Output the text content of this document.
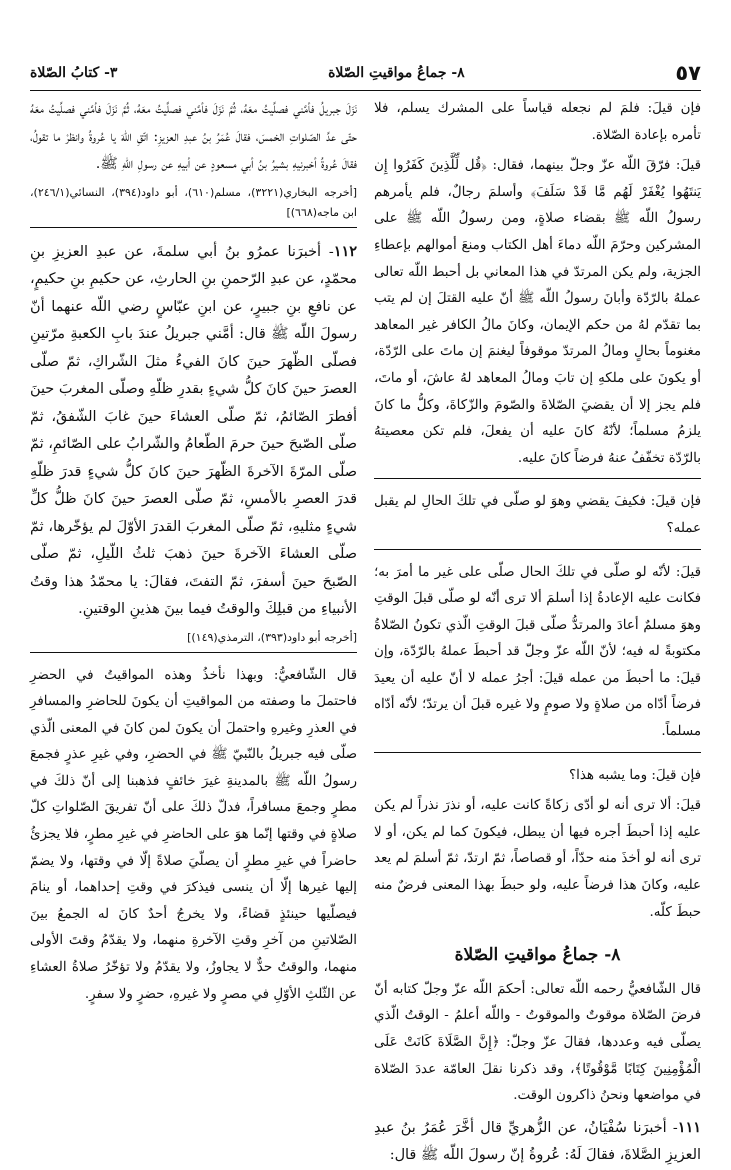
٥٧
٨- جماعُ مواقيتِ الصّلاة
٣- كتابُ الصّلاة

فإن قيلَ: فلمَ لم نجعله قياساً على المشرك يسلم، فلا تأمره بإعادة الصّلاة.

قيلَ: فرّقَ اللّه عزّ وجلّ بينهما، فقال: ﴿قُل لِّلَّذِينَ كَفَرُوا إِن يَنتَهُوا يُغْفَرْ لَهُم مَّا قَدْ سَلَفَ﴾ وأسلمَ رجالٌ، فلم يأمرهم رسولُ اللّه ﷺ بقضاء صلاةٍ، ومن رسولُ اللّه ﷺ على المشركين وحرّمَ اللّه دماءَ أهل الكتاب ومنعَ أموالهم بإعطاءِ الجزية، ولم يكن المرتدّ في هذا المعاني بل أحبط اللّه تعالى عملهُ بالرّدّة وأبانَ رسولُ اللّه ﷺ أنّ عليه القتلَ إن لم يتب بما تقدّم لهُ من حكم الإيمان، وكانَ مالُ الكافر غير المعاهد مغنوماً بحالٍ ومالُ المرتدّ موقوفاً ليغنمَ إن ماتَ على الرّدّة، أو يكونَ على ملكهِ إن تابَ ومالُ المعاهد لهُ عاشَ، أو ماتَ، فلم يجز إلا أن يقضيَ الصّلاةَ والصّومَ والزّكاةَ، وكلُّ ما كانَ يلزمُ مسلماً؛ لأنّهُ كانَ عليه أن يفعلَ، فلم تكن معصيتهُ بالرّدّة تخفّفُ عنهُ فرضاً كانَ عليه.

فإن قيلَ: فكيفَ يقضي وهوَ لو صلّى في تلكَ الحالِ لم يقبل عمله؟

قيلَ: لأنّه لو صلّى في تلكَ الحال صلّى على غير ما أمرَ به؛ فكانت عليه الإعادةُ إذا أسلمَ ألا ترى أنّه لو صلّى قبلَ الوقتِ وهوَ مسلمٌ أعادَ والمرتدُّ صلّى قبلَ الوقتِ الّذي تكونُ الصّلاةُ مكتوبةً له فيه؛ لأنّ اللّه عزّ وجلّ قد أحبطَ عملهُ بالرّدّة، وإن قيلَ: ما أحبطَ من عمله قيلَ: أجرُ عمله لا أنّ عليه أن يعيدَ فرضاً أدّاه من صلاةٍ ولا صومٍ ولا غيره قبلَ أن يرتدّ؛ لأنّه أدّاه مسلماً.

فإن قيلَ: وما يشبه هذا؟

قيلَ: ألا ترى أنه لو أدّى زكاةً كانت عليه، أو نذرَ نذراً لم يكن عليه إذا أحبطَ أجره فيها أن يبطل، فيكونَ كما لم يكن، أو لا ترى أنه لو أخذَ منه حدّاً، أو قصاصاً، ثمّ ارتدّ، ثمّ أسلمَ لم يعد عليه، وكانَ هذا فرضاً عليه، ولو حبطَ بهذا المعنى فرضٌ منه حبطَ كلّه.

٨- جماعُ مواقيتِ الصّلاة

قال الشّافعيُّ رحمه اللّه تعالى: أحكمَ اللّه عزّ وجلّ كتابه أنّ فرضَ الصّلاة موقوتٌ والموقوتُ - واللّه أعلمُ - الوقتُ الّذي يصلّى فيه وعددها، فقالَ عزّ وجلّ: ﴿إِنَّ الصَّلَاةَ كَانَتْ عَلَى الْمُؤْمِنِينَ كِتَابًا مَّوْقُوتًا﴾، وقد ذكرنا نقلَ العامّة عددَ الصّلاة في مواضعها ونحنُ ذاكرون الوقت.

١١١- أخبرَنا سُفْيَانُ، عن الزُّهريِّ قال أخَّرَ عُمَرُ بنُ عبدِ العزيزِ الصَّلاةَ، فقالَ لَهُ: عُروةُ إنّ رسولَ اللّه ﷺ قال:

نَزَلَ جبريلُ فأمَّني فصلَّيتُ معَهُ، ثُمَّ نَزَلَ فأمَّني فصلَّيتُ معَهُ، ثُمَّ نَزَلَ فأمَّني فصلَّيتُ معَهُ حتّى عدَّ الصّلواتِ الخمسَ، فقالَ عُمَرُ بنُ عبدِ العزيزِ: اتّقِ اللّهَ يا عُروةُ وانظرْ ما تقولُ، فقالَ عُروةُ أخبرنيهِ بشيرُ بنُ أبي مسعودٍ عن أبيهِ عن رسولِ اللّهِ ﷺ.

[أخرجه البخاري(٣٢٢١)، مسلم(٦١٠)، أبو داود(٣٩٤)، النسائي(٢٤٦/١)، ابن ماجه(٦٦٨)]

١١٢- أخبرَنا عمرُو بنُ أبي سلمةَ، عن عبدِ العزيزِ بنِ محمّدٍ، عن عبدِ الرّحمنِ بنِ الحارثِ، عن حكيمِ بنِ حكيمٍ، عن نافعِ بنِ جبيرٍ، عن ابنِ عبّاسٍ رضي اللّه عنهما أنّ رسولَ اللّه ﷺ قال: أمَّني جبريلُ عندَ بابِ الكعبةِ مرّتينِ فصلّى الظّهرَ حينَ كانَ الفيءُ مثلَ الشّراكِ، ثمّ صلّى العصرَ حينَ كانَ كلُّ شيءٍ بقدرِ ظلّهِ وصلّى المغربَ حينَ أفطرَ الصّائمُ، ثمّ صلّى العشاءَ حينَ غابَ الشّفقُ، ثمّ صلّى الصّبحَ حينَ حرمَ الطّعامُ والشّرابُ على الصّائمِ، ثمّ صلّى المرّةَ الآخرةَ الظّهرَ حينَ كانَ كلُّ شيءٍ قدرَ ظلّهِ قدرَ العصرِ بالأمسِ، ثمّ صلّى العصرَ حينَ كانَ ظلُّ كلِّ شيءٍ مثليهِ، ثمّ صلّى المغربَ القدرَ الأوّلَ لم يؤخّرها، ثمّ صلّى العشاءَ الآخرةَ حينَ ذهبَ ثلثُ اللّيلِ، ثمّ صلّى الصّبحَ حينَ أسفرَ، ثمّ التفتَ، فقالَ: يا محمّدُ هذا وقتُ الأنبياءِ من قبلِكَ والوقتُ فيما بينَ هذينِ الوقتينِ.

[أخرجه أبو داود(٣٩٣)، الترمذي(١٤٩)]

قال الشّافعيُّ: وبهذا نأخذُ وهذه المواقيتُ في الحضرِ فاحتملَ ما وصفته من المواقيتِ أن يكونَ للحاضرِ والمسافرِ في العذرِ وغيرهِ واحتملَ أن يكونَ لمن كانَ في المعنى الّذي صلّى فيه جبريلُ بالنّبيّ ﷺ في الحضرِ، وفي غيرِ عذرٍ فجمعَ رسولُ اللّه ﷺ بالمدينةِ غيرَ خائفٍ فذهبنا إلى أنّ ذلكَ في مطرٍ وجمعَ مسافراً، فدلّ ذلكَ على أنّ تفريقَ الصّلواتِ كلّ صلاةٍ في وقتها إنّما هوَ على الحاضرِ في غيرِ مطرٍ، فلا يجزئُ حاضراً في غيرِ مطرٍ أن يصلّيَ صلاةً إلّا في وقتها، ولا يضمّ إليها غيرها إلّا أن ينسى فيذكرَ في وقتِ إحداهما، أو ينامَ فيصلّيها حينئذٍ قضاءً، ولا يخرجُ أحدٌ كانَ له الجمعُ بينَ الصّلاتينِ من آخرِ وقتِ الآخرةِ منهما، ولا يقدّمُ وقتَ الأولى منهما، والوقتُ حدٌّ لا يجاوزُ، ولا يقدّمُ ولا تؤخّرُ صلاةُ العشاءِ عن الثّلثِ الأوّلِ في مصرٍ ولا غيرهِ، حضرٍ ولا سفرٍ.
